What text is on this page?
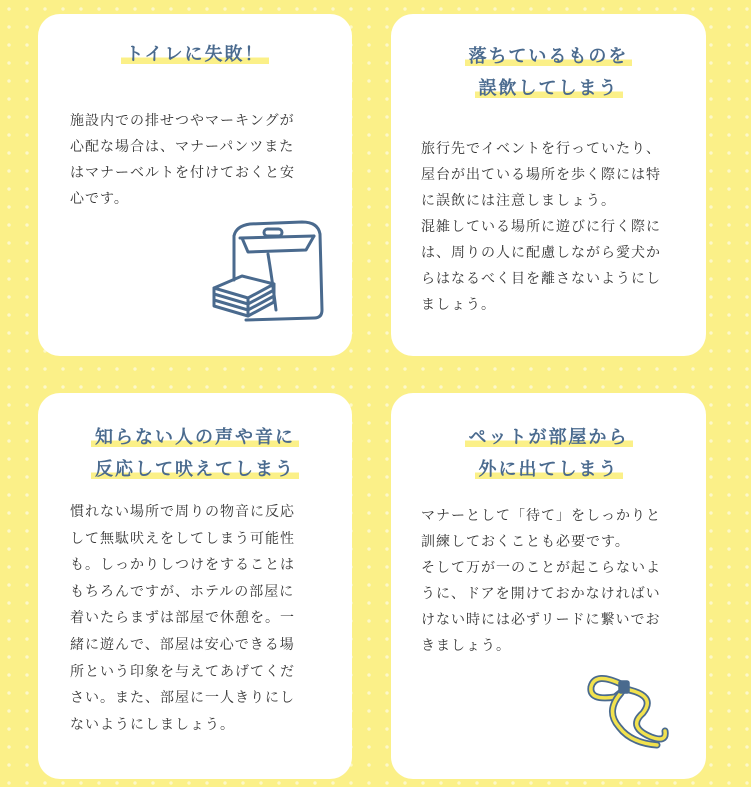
トイレに失敗！

施設内での排せつやマーキングが
心配な場合は、マナーパンツまた
はマナーベルトを付けておくと安
心です。

落ちているものを
誤飲してしまう

旅行先でイベントを行っていたり、
屋台が出ている場所を歩く際には特
に誤飲には注意しましょう。
混雑している場所に遊びに行く際に
は、周りの人に配慮しながら愛犬か
らはなるべく目を離さないようにし
ましょう。

知らない人の声や音に
反応して吠えてしまう

慣れない場所で周りの物音に反応
して無駄吠えをしてしまう可能性
も。しっかりしつけをすることは
もちろんですが、ホテルの部屋に
着いたらまずは部屋で休憩を。一
緒に遊んで、部屋は安心できる場
所という印象を与えてあげてくだ
さい。また、部屋に一人きりにし
ないようにしましょう。

ペットが部屋から
外に出てしまう

マナーとして「待て」をしっかりと
訓練しておくことも必要です。
そして万が一のことが起こらないよ
うに、ドアを開けておかなければい
けない時には必ずリードに繋いでお
きましょう。
